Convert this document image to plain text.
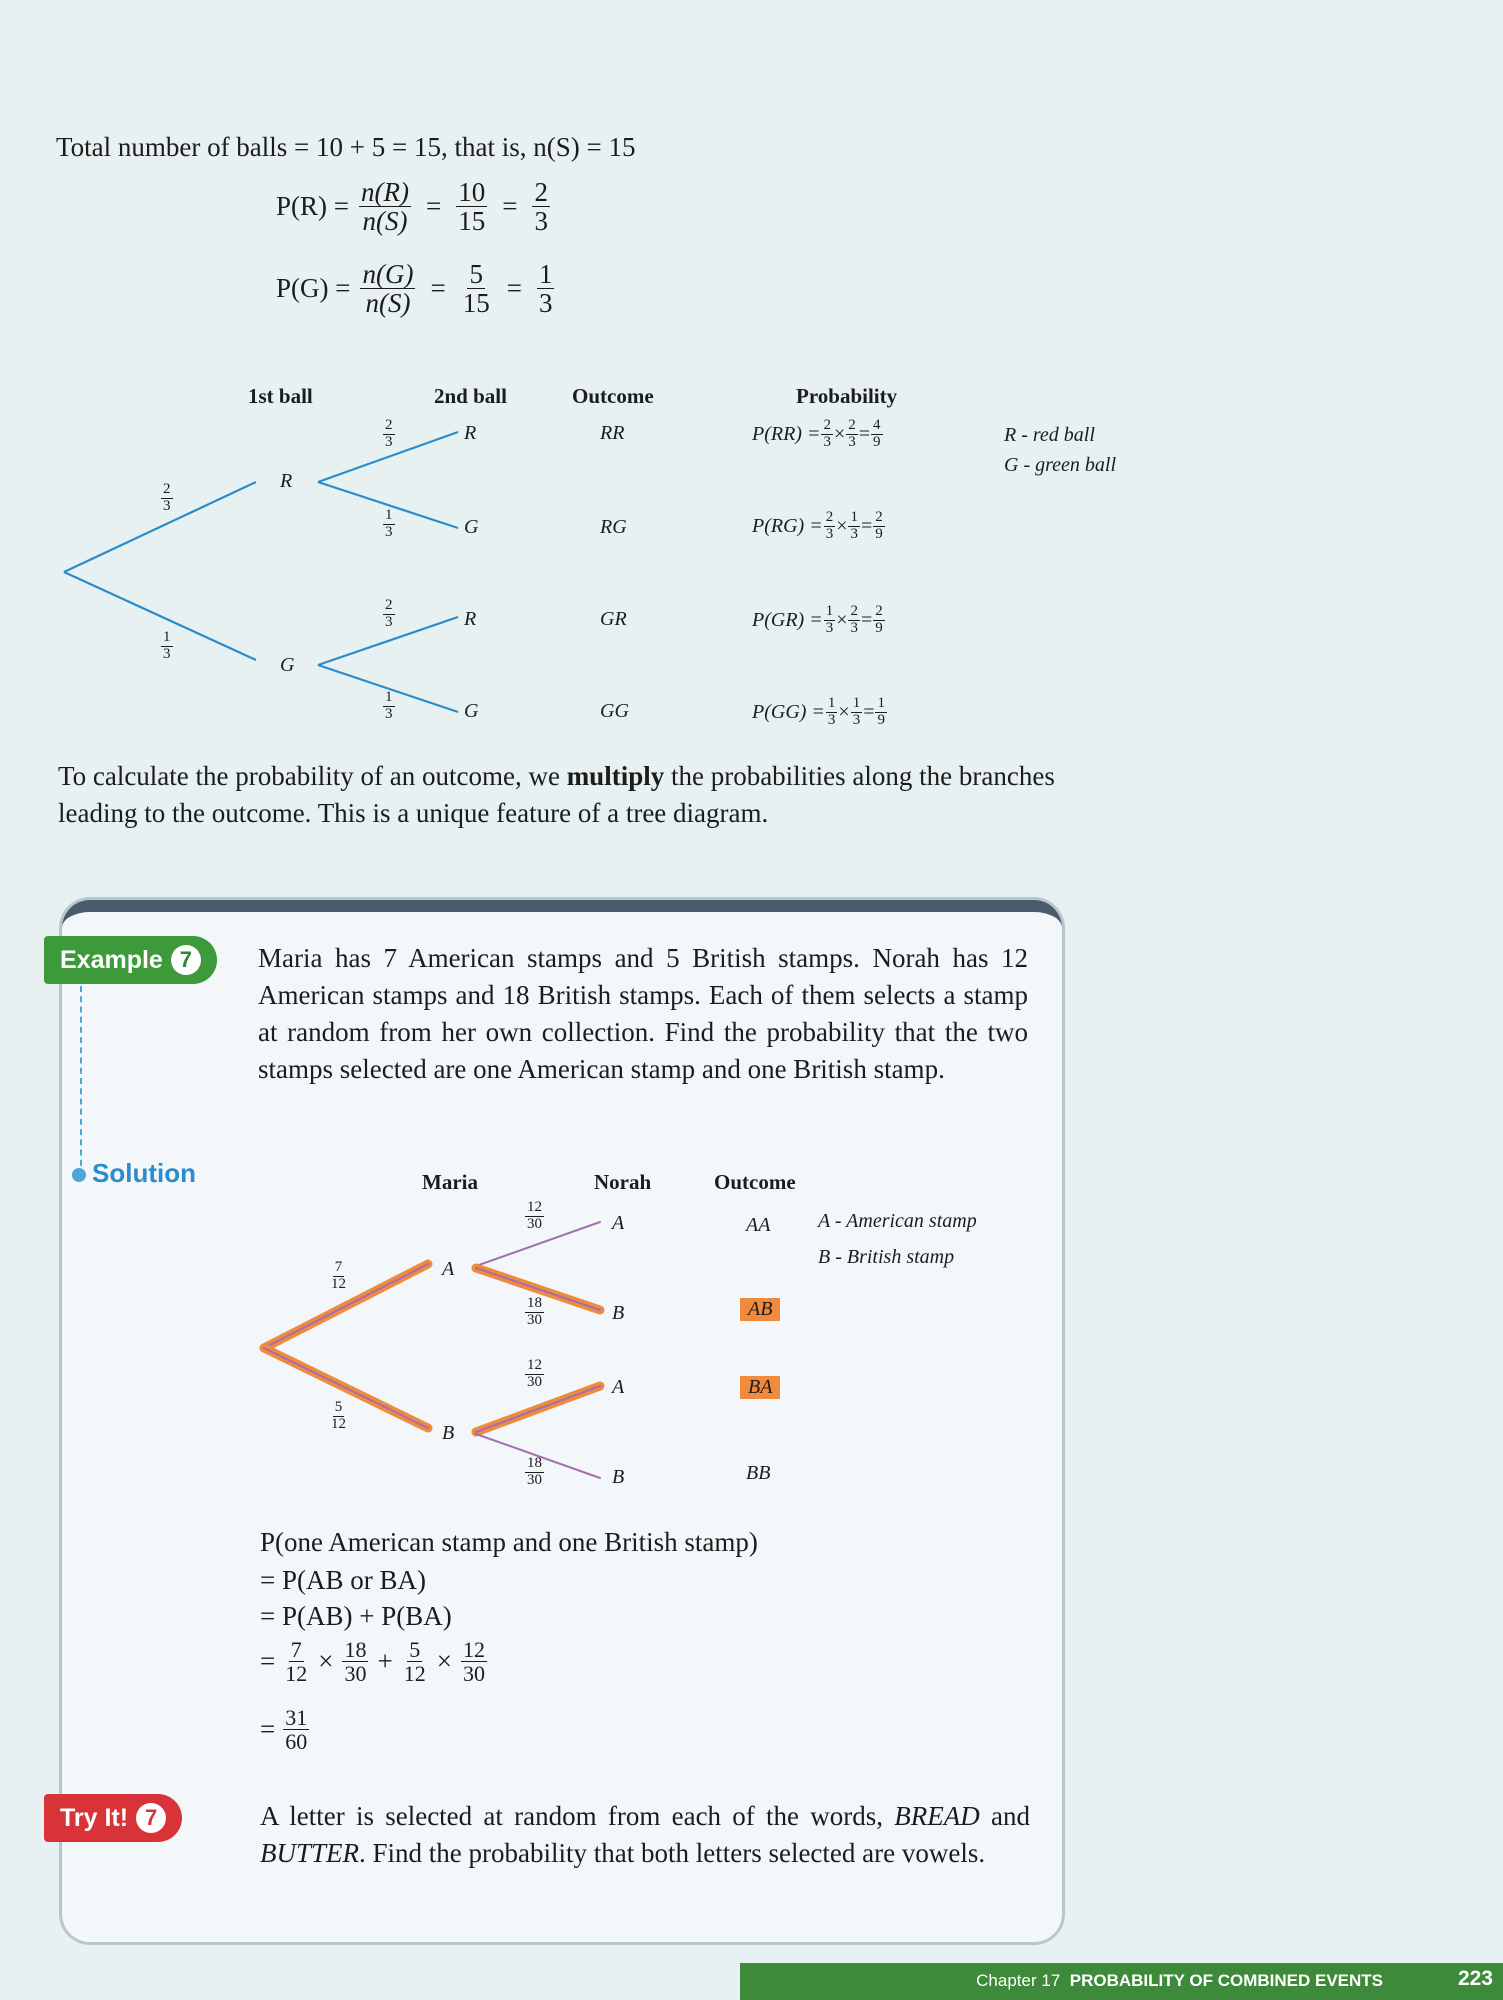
Total number of balls = 10 + 5 = 15, that is, n(S) = 15
$P(R) = \frac{n(R)}{n(S)} = \frac{10}{15} = \frac{2}{3}$
$P(G) = \frac{n(G)}{n(S)} = \frac{5}{15} = \frac{1}{3}$
1st ball	2nd ball	Outcome	Probability
R - red ball
G - green ball
R
G
$\frac{2}{3}$
$\frac{1}{3}$
$\frac{2}{3}$
$\frac{1}{3}$
$\frac{2}{3}$
$\frac{1}{3}$
R	RR	$P(RR) = \frac{2}{3} \times \frac{2}{3} = \frac{4}{9}$
G	RG	$P(RG) = \frac{2}{3} \times \frac{1}{3} = \frac{2}{9}$
R	GR	$P(GR) = \frac{1}{3} \times \frac{2}{3} = \frac{2}{9}$
G	GG	$P(GG) = \frac{1}{3} \times \frac{1}{3} = \frac{1}{9}$
To calculate the probability of an outcome, we multiply the probabilities along the branches leading to the outcome. This is a unique feature of a tree diagram.
Example 7
Solution
Maria has 7 American stamps and 5 British stamps. Norah has 12 American stamps and 18 British stamps. Each of them selects a stamp at random from her own collection. Find the probability that the two stamps selected are one American stamp and one British stamp.
Maria	Norah	Outcome
A - American stamp
B - British stamp
A
B
$\frac{7}{12}$
$\frac{5}{12}$
$\frac{12}{30}$
$\frac{18}{30}$
$\frac{12}{30}$
$\frac{18}{30}$
A	AA
B	AB
A	BA
B	BB
P(one American stamp and one British stamp)
= P(AB or BA)
= P(AB) + P(BA)
= $\frac{7}{12} \times \frac{18}{30} + \frac{5}{12} \times \frac{12}{30}$
= $\frac{31}{60}$
Try It! 7	A letter is selected at random from each of the words, BREAD and BUTTER. Find the probability that both letters selected are vowels.
Chapter 17 PROBABILITY OF COMBINED EVENTS	223
